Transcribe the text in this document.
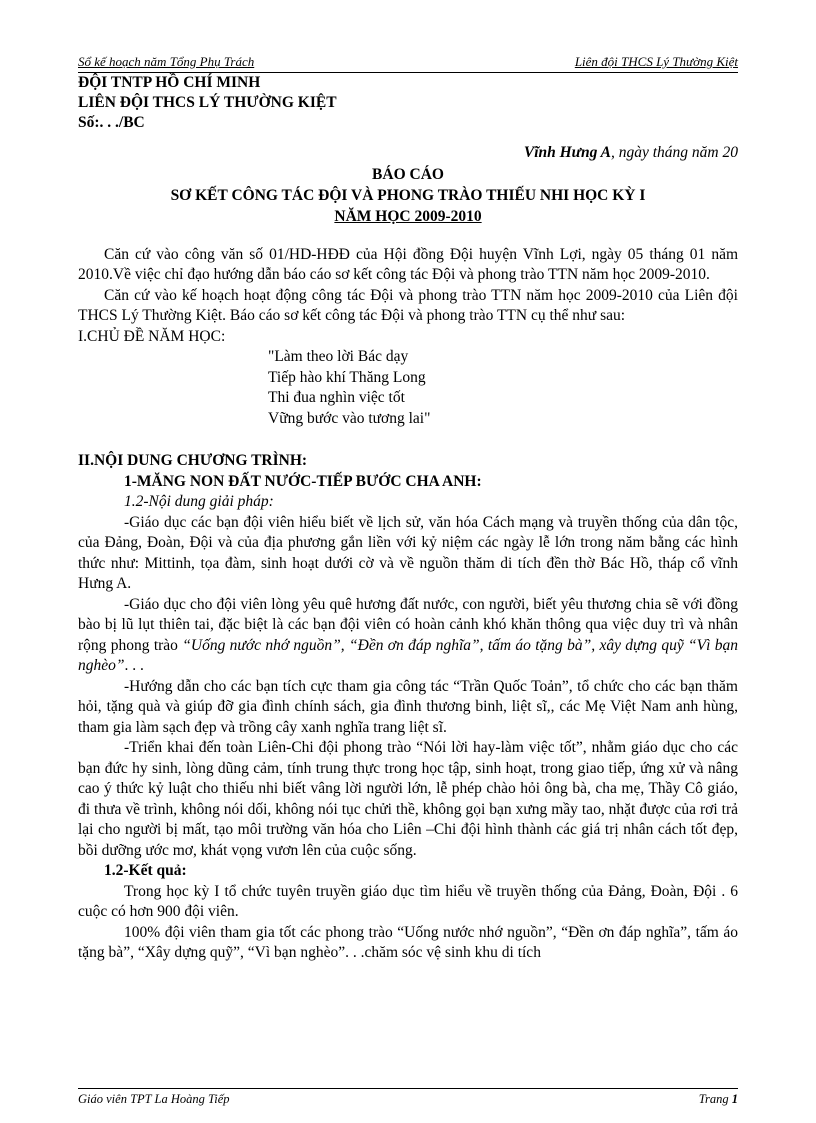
Sổ kế hoạch năm Tổng Phụ Trách	Liên đội THCS Lý Thường Kiệt
ĐỘI TNTP HỒ CHÍ MINH
LIÊN ĐỘI THCS LÝ THƯỜNG KIỆT
Số:. . ./BC
Vĩnh Hưng A, ngày tháng năm 20
BÁO CÁO
SƠ KẾT CÔNG TÁC ĐỘI VÀ PHONG TRÀO THIẾU NHI HỌC KỲ I
NĂM HỌC 2009-2010

Căn cứ vào công văn số 01/HD-HĐĐ của Hội đồng Đội huyện Vĩnh Lợi, ngày 05 tháng 01 năm 2010.Về việc chỉ đạo hướng dẫn báo cáo sơ kết công tác Đội và phong trào TTN năm học 2009-2010.

Căn cứ vào kế hoạch hoạt động công tác Đội và phong trào TTN năm học 2009-2010 của Liên đội THCS Lý Thường Kiệt. Báo cáo sơ kết công tác Đội và phong trào TTN cụ thể như sau:

I.CHỦ ĐỀ NĂM HỌC:
"Làm theo lời Bác dạy
Tiếp hào khí Thăng Long
Thi đua nghìn việc tốt
Vững bước vào tương lai"
II.NỘI DUNG CHƯƠNG TRÌNH:
1-MĂNG NON ĐẤT NƯỚC-TIẾP BƯỚC CHA ANH:
1.2-Nội dung giải pháp:

-Giáo dục các bạn đội viên hiểu biết về lịch sử, văn hóa Cách mạng và truyền thống của dân tộc, của Đảng, Đoàn, Đội và của địa phương gắn liền với kỷ niệm các ngày lễ lớn trong năm bằng các hình thức như: Mittinh, tọa đàm, sinh hoạt dưới cờ và về nguồn thăm di tích đền thờ Bác Hồ, tháp cổ vĩnh Hưng A.

-Giáo dục cho đội viên lòng yêu quê hương đất nước, con người, biết yêu thương chia sẽ với đồng bào bị lũ lụt thiên tai, đặc biệt là các bạn đội viên có hoàn cảnh khó khăn thông qua việc duy trì và nhân rộng phong trào “Uống nước nhớ nguồn”, “Đền ơn đáp nghĩa”, tấm áo tặng bà”, xây dựng quỹ “Vì bạn nghèo”. . .

-Hướng dẫn cho các bạn tích cực tham gia công tác “Trần Quốc Toản”, tổ chức cho các bạn thăm hỏi, tặng quà và giúp đỡ gia đình chính sách, gia đình thương binh, liệt sĩ,, các Mẹ Việt Nam anh hùng, tham gia làm sạch đẹp và trồng cây xanh nghĩa trang liệt sĩ.

-Triển khai đến toàn Liên-Chi đội phong trào “Nói lời hay-làm việc tốt”, nhằm giáo dục cho các bạn đức hy sinh, lòng dũng cảm, tính trung thực trong học tập, sinh hoạt, trong giao tiếp, ứng xử và nâng cao ý thức kỷ luật cho thiếu nhi biết vâng lời người lớn, lễ phép chào hỏi ông bà, cha mẹ, Thầy Cô giáo, đi thưa về trình, không nói dối, không nói tục chửi thề, không gọi bạn xưng mầy tao, nhặt được của rơi trả lại cho người bị mất, tạo môi trường văn hóa cho Liên –Chi đội hình thành các giá trị nhân cách tốt đẹp, bồi dưỡng ước mơ, khát vọng vươn lên của cuộc sống.

1.2-Kết quả:

Trong học kỳ I tổ chức tuyên truyền giáo dục tìm hiểu về truyền thống của Đảng, Đoàn, Đội . 6 cuộc có hơn 900 đội viên.

100% đội viên tham gia tốt các phong trào “Uống nước nhớ nguồn”, “Đền ơn đáp nghĩa”, tấm áo tặng bà”, “Xây dựng quỹ”, “Vì bạn nghèo”. . .chăm sóc vệ sinh khu di tích

Giáo viên TPT La Hoàng Tiếp	Trang 1
